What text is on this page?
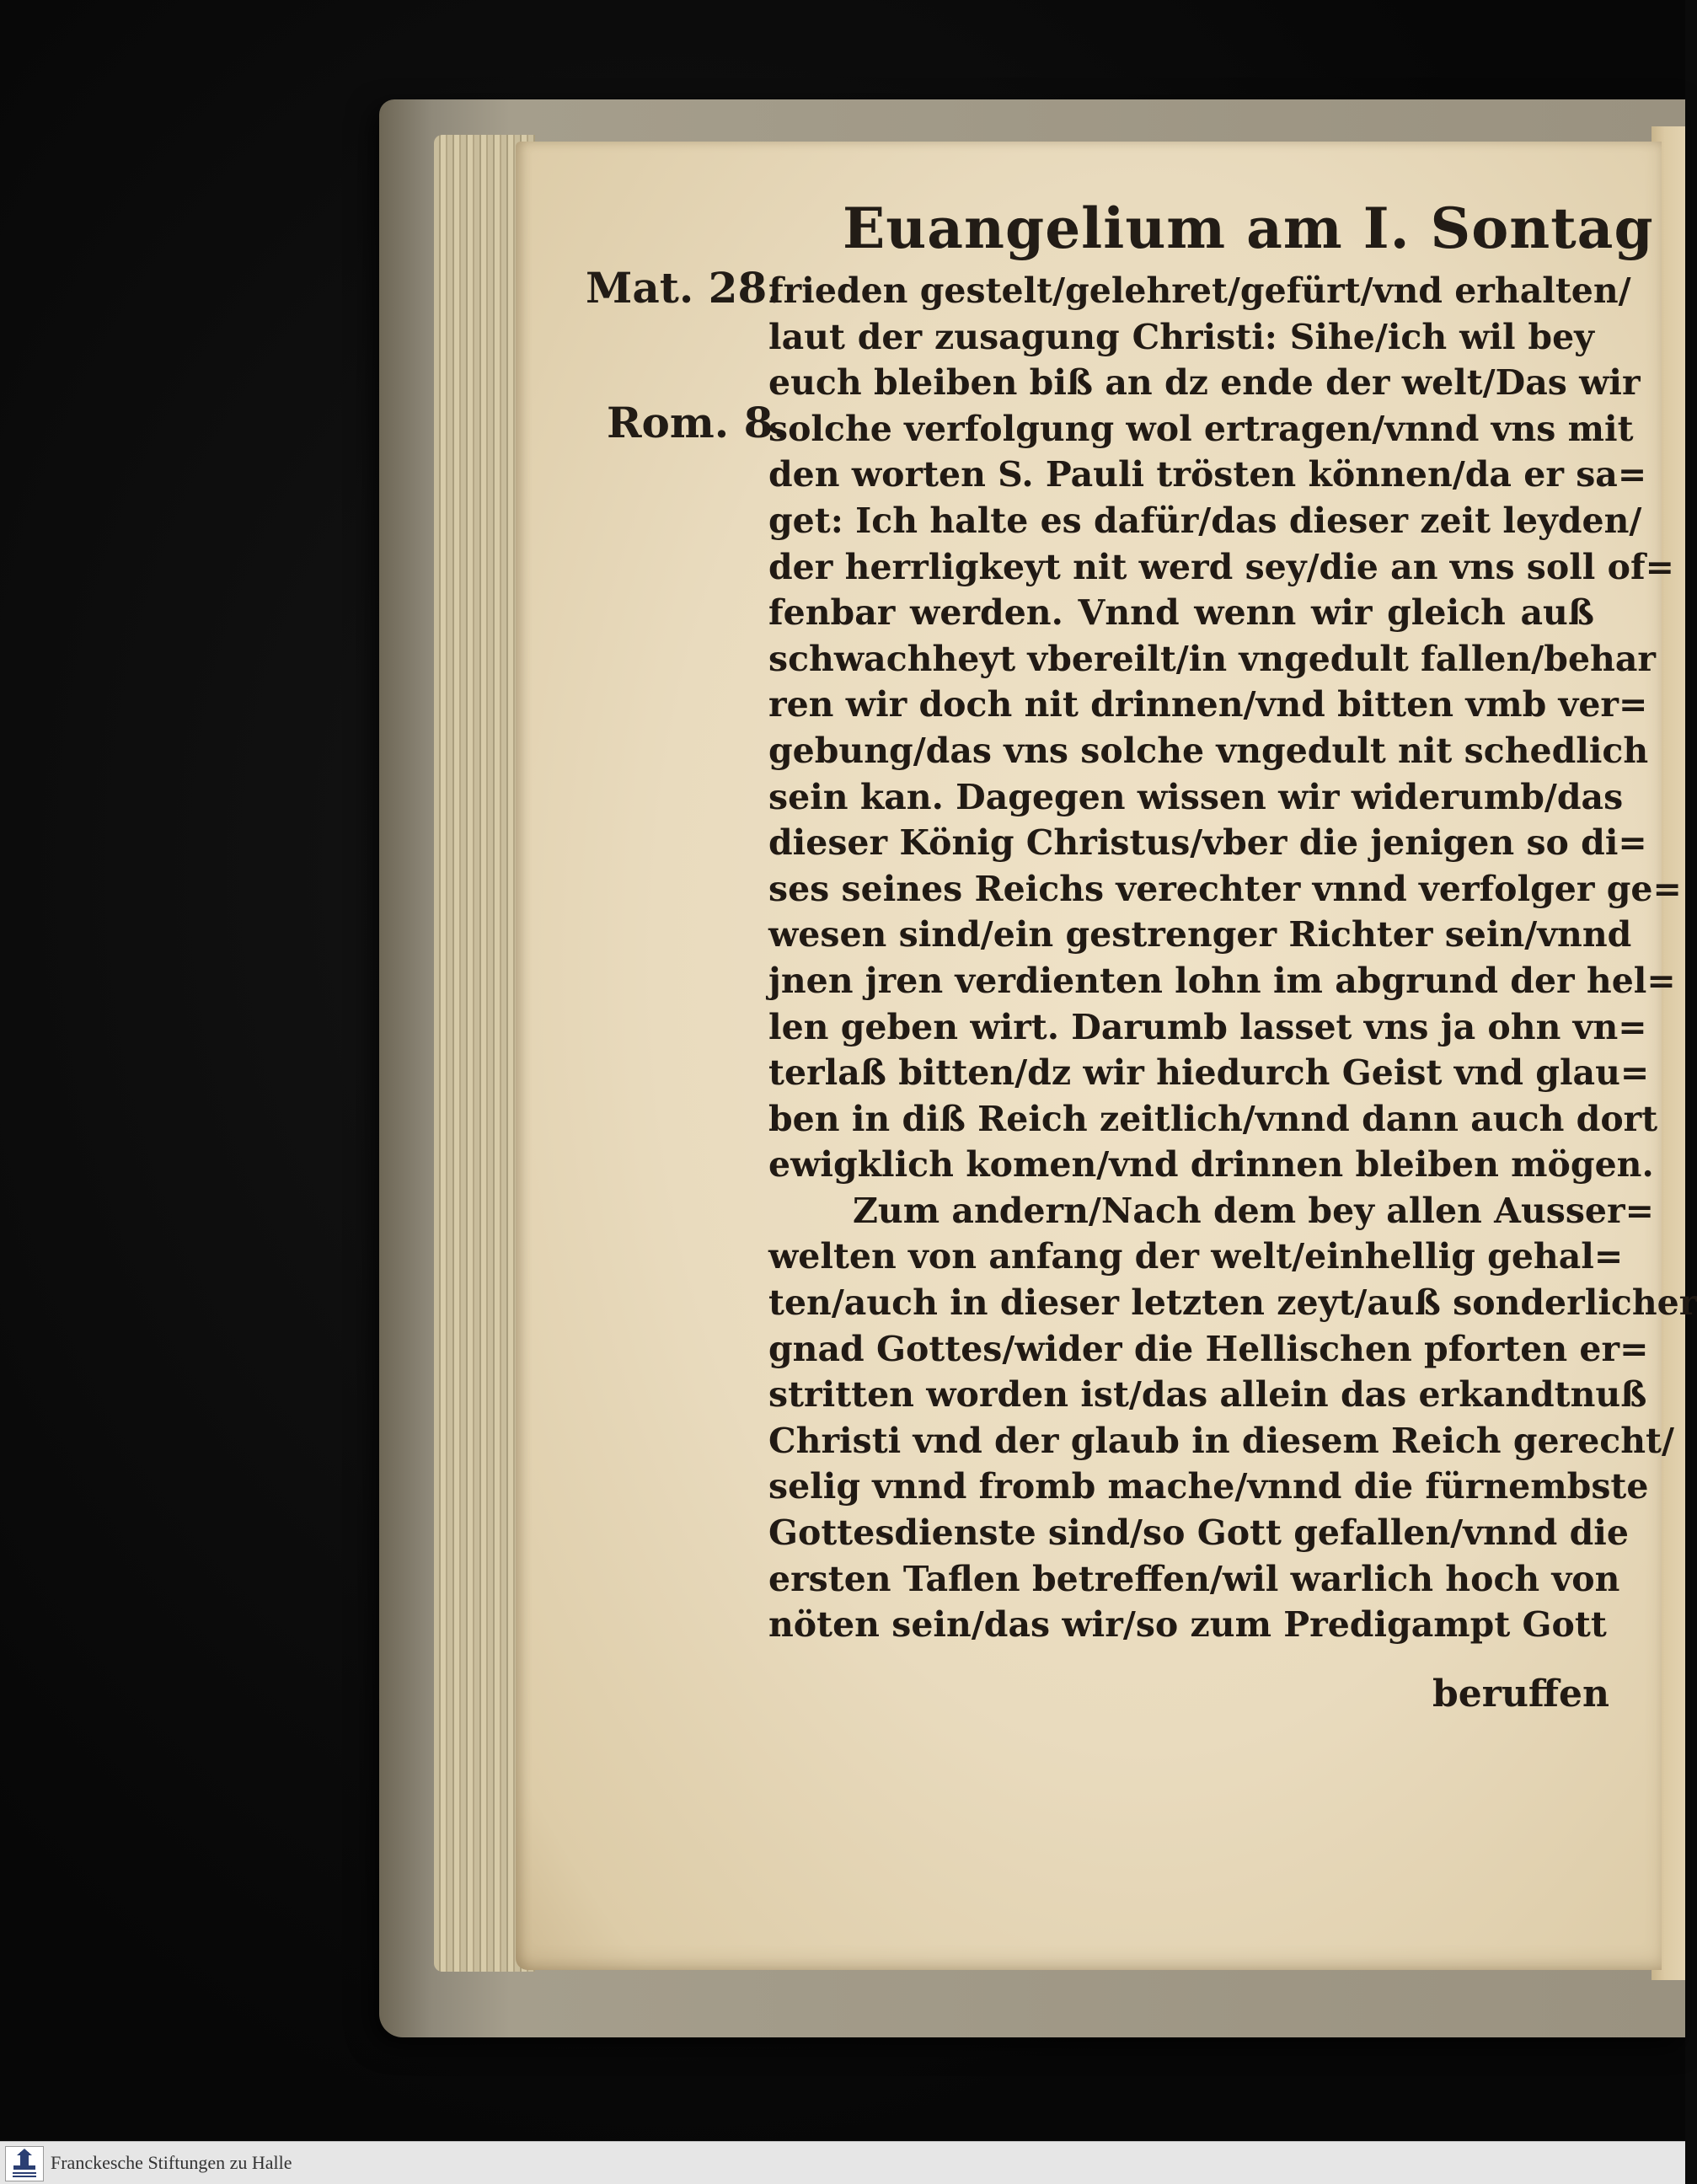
Euangelium am I. Sontag
Mat. 28.
Rom. 8.
frieden gestelt/gelehret/gefürt/vnd erhalten/
laut der zusagung Christi: Sihe/ich wil bey
euch bleiben biß an dz ende der welt/Das wir
solche verfolgung wol ertragen/vnnd vns mit
den worten S. Pauli trösten können/da er sa=
get: Ich halte es dafür/das dieser zeit leyden/
der herrligkeyt nit werd sey/die an vns soll of=
fenbar werden. Vnnd wenn wir gleich auß
schwachheyt vbereilt/in vngedult fallen/behar
ren wir doch nit drinnen/vnd bitten vmb ver=
gebung/das vns solche vngedult nit schedlich
sein kan. Dagegen wissen wir widerumb/das
dieser König Christus/vber die jenigen so di=
ses seines Reichs verechter vnnd verfolger ge=
wesen sind/ein gestrenger Richter sein/vnnd
jnen jren verdienten lohn im abgrund der hel=
len geben wirt. Darumb lasset vns ja ohn vn=
terlaß bitten/dz wir hiedurch Geist vnd glau=
ben in diß Reich zeitlich/vnnd dann auch dort
ewigklich komen/vnd drinnen bleiben mögen.
Zum andern/Nach dem bey allen Ausser=
welten von anfang der welt/einhellig gehal=
ten/auch in dieser letzten zeyt/auß sonderlicher
gnad Gottes/wider die Hellischen pforten er=
stritten worden ist/das allein das erkandtnuß
Christi vnd der glaub in diesem Reich gerecht/
selig vnnd fromb mache/vnnd die fürnembste
Gottesdienste sind/so Gott gefallen/vnnd die
ersten Taflen betreffen/wil warlich hoch von
nöten sein/das wir/so zum Predigampt Gott
beruffen
Franckesche Stiftungen zu Halle
